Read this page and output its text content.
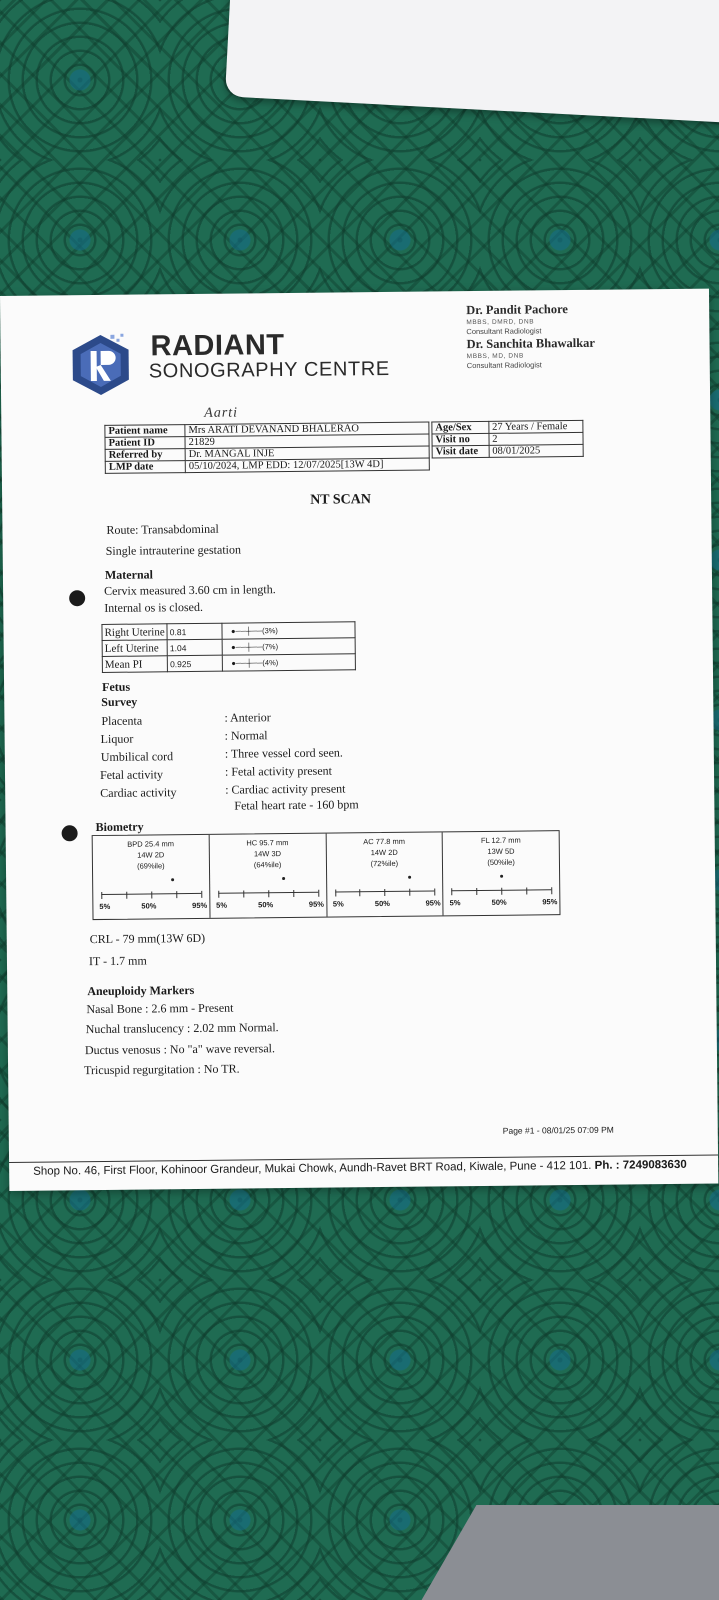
RADIANT
SONOGRAPHY CENTRE
Dr. Pandit Pachore
MBBS, DMRD, DNB
Consultant Radiologist
Dr. Sanchita Bhawalkar
MBBS, MD, DNB
Consultant Radiologist
Aarti
Patient name	Mrs ARATI DEVANAND BHALERAO
Patient ID	21829
Referred by	Dr. MANGAL INJE
LMP date	05/10/2024, LMP EDD: 12/07/2025[13W 4D]
Age/Sex	27 Years / Female
Visit no	2
Visit date	08/01/2025
NT SCAN
Route: Transabdominal
Single intrauterine gestation
Maternal
Cervix measured 3.60 cm in length.
Internal os is closed.
Right Uterine	0.81	●──┼──(3%)
Left Uterine	1.04	●──┼──(7%)
Mean PI	0.925	●──┼──(4%)
Fetus
Survey
Placenta	: Anterior
Liquor	: Normal
Umbilical cord	: Three vessel cord seen.
Fetal activity	: Fetal activity present
Cardiac activity	: Cardiac activity present
Fetal heart rate - 160 bpm
Biometry
BPD 25.4 mm
14W 2D
(69%ile)
5%	50%	95%
HC 95.7 mm
14W 3D
(64%ile)
5%	50%	95%
AC 77.8 mm
14W 2D
(72%ile)
5%	50%	95%
FL 12.7 mm
13W 5D
(50%ile)
5%	50%	95%
CRL - 79 mm(13W 6D)
IT - 1.7 mm
Aneuploidy Markers
Nasal Bone : 2.6 mm - Present
Nuchal translucency : 2.02 mm Normal.
Ductus venosus : No "a" wave reversal.
Tricuspid regurgitation : No TR.
Page #1 - 08/01/25 07:09 PM
Shop No. 46, First Floor, Kohinoor Grandeur, Mukai Chowk, Aundh-Ravet BRT Road, Kiwale, Pune - 412 101. Ph. : 7249083630
